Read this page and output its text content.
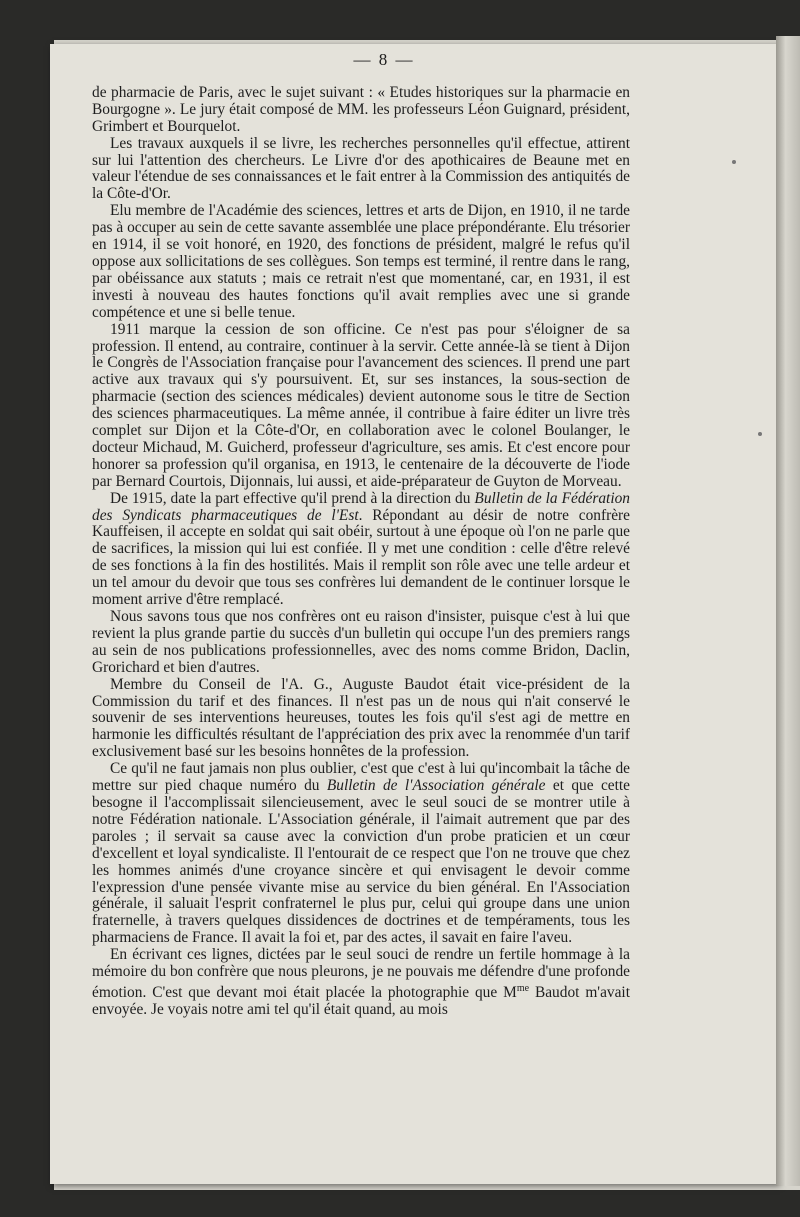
— 8 —

de pharmacie de Paris, avec le sujet suivant : « Etudes historiques sur la pharmacie en Bourgogne ». Le jury était composé de MM. les professeurs Léon Guignard, président, Grimbert et Bourquelot.

Les travaux auxquels il se livre, les recherches personnelles qu'il effectue, attirent sur lui l'attention des chercheurs. Le Livre d'or des apothicaires de Beaune met en valeur l'étendue de ses connaissances et le fait entrer à la Commission des antiquités de la Côte-d'Or.

Elu membre de l'Académie des sciences, lettres et arts de Dijon, en 1910, il ne tarde pas à occuper au sein de cette savante assemblée une place prépondérante. Elu trésorier en 1914, il se voit honoré, en 1920, des fonctions de président, malgré le refus qu'il oppose aux sollicitations de ses collègues. Son temps est terminé, il rentre dans le rang, par obéissance aux statuts ; mais ce retrait n'est que momentané, car, en 1931, il est investi à nouveau des hautes fonctions qu'il avait remplies avec une si grande compétence et une si belle tenue.

1911 marque la cession de son officine. Ce n'est pas pour s'éloigner de sa profession. Il entend, au contraire, continuer à la servir. Cette année-là se tient à Dijon le Congrès de l'Association française pour l'avancement des sciences. Il prend une part active aux travaux qui s'y poursuivent. Et, sur ses instances, la sous-section de pharmacie (section des sciences médicales) devient autonome sous le titre de Section des sciences pharmaceutiques. La même année, il contribue à faire éditer un livre très complet sur Dijon et la Côte-d'Or, en collaboration avec le colonel Boulanger, le docteur Michaud, M. Guicherd, professeur d'agriculture, ses amis. Et c'est encore pour honorer sa profession qu'il organisa, en 1913, le centenaire de la découverte de l'iode par Bernard Courtois, Dijonnais, lui aussi, et aide-préparateur de Guyton de Morveau.

De 1915, date la part effective qu'il prend à la direction du Bulletin de la Fédération des Syndicats pharmaceutiques de l'Est. Répondant au désir de notre confrère Kauffeisen, il accepte en soldat qui sait obéir, surtout à une époque où l'on ne parle que de sacrifices, la mission qui lui est confiée. Il y met une condition : celle d'être relevé de ses fonctions à la fin des hostilités. Mais il remplit son rôle avec une telle ardeur et un tel amour du devoir que tous ses confrères lui demandent de le continuer lorsque le moment arrive d'être remplacé.

Nous savons tous que nos confrères ont eu raison d'insister, puisque c'est à lui que revient la plus grande partie du succès d'un bulletin qui occupe l'un des premiers rangs au sein de nos publications professionnelles, avec des noms comme Bridon, Daclin, Grorichard et bien d'autres.

Membre du Conseil de l'A. G., Auguste Baudot était vice-président de la Commission du tarif et des finances. Il n'est pas un de nous qui n'ait conservé le souvenir de ses interventions heureuses, toutes les fois qu'il s'est agi de mettre en harmonie les difficultés résultant de l'appréciation des prix avec la renommée d'un tarif exclusivement basé sur les besoins honnêtes de la profession.

Ce qu'il ne faut jamais non plus oublier, c'est que c'est à lui qu'incombait la tâche de mettre sur pied chaque numéro du Bulletin de l'Association générale et que cette besogne il l'accomplissait silencieusement, avec le seul souci de se montrer utile à notre Fédération nationale. L'Association générale, il l'aimait autrement que par des paroles ; il servait sa cause avec la conviction d'un probe praticien et un cœur d'excellent et loyal syndicaliste. Il l'entourait de ce respect que l'on ne trouve que chez les hommes animés d'une croyance sincère et qui envisagent le devoir comme l'expression d'une pensée vivante mise au service du bien général. En l'Association générale, il saluait l'esprit confraternel le plus pur, celui qui groupe dans une union fraternelle, à travers quelques dissidences de doctrines et de tempéraments, tous les pharmaciens de France. Il avait la foi et, par des actes, il savait en faire l'aveu.

En écrivant ces lignes, dictées par le seul souci de rendre un fertile hommage à la mémoire du bon confrère que nous pleurons, je ne pouvais me défendre d'une profonde émotion. C'est que devant moi était placée la photographie que $M^{me}$ Baudot m'avait envoyée. Je voyais notre ami tel qu'il était quand, au mois
